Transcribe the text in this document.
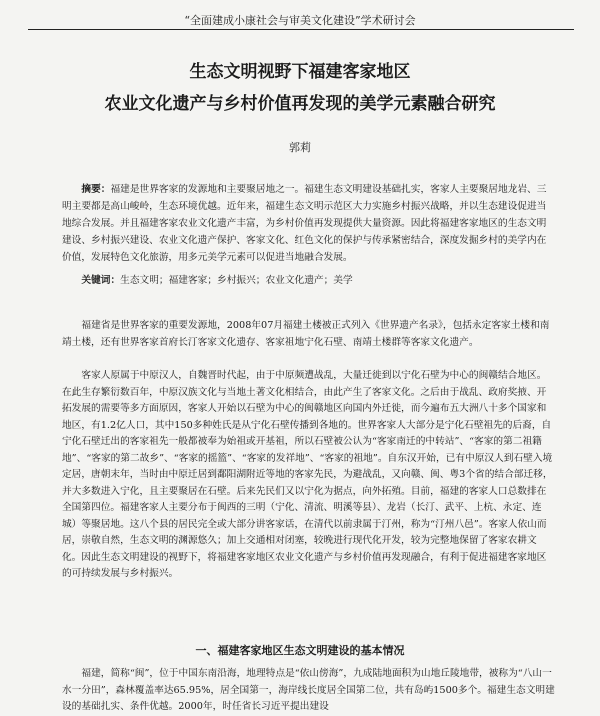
“全面建成小康社会与审美文化建设”学术研讨会
生态文明视野下福建客家地区
农业文化遗产与乡村价值再发现的美学元素融合研究
郭莉

摘要：福建是世界客家的发源地和主要聚居地之一。福建生态文明建设基础扎实，客家人主要聚居地龙岩、三明主要都是高山峻岭，生态环境优越。近年来，福建生态文明示范区大力实施乡村振兴战略，并以生态建设促进当地综合发展。并且福建客家农业文化遗产丰富，为乡村价值再发现提供大量资源。因此将福建客家地区的生态文明建设、乡村振兴建设、农业文化遗产保护、客家文化、红色文化的保护与传承紧密结合，深度发掘乡村的美学内在价值，发展特色文化旅游，用多元美学元素可以促进当地融合发展。

关键词：生态文明；福建客家；乡村振兴；农业文化遗产；美学

福建省是世界客家的重要发源地，2008年07月福建土楼被正式列入《世界遗产名录》，包括永定客家土楼和南靖土楼，还有世界客家首府长汀客家文化遗存、客家祖地宁化石壁、南靖土楼群等客家文化遗产。

客家人原属于中原汉人，自魏晋时代起，由于中原频遭战乱，大量迁徙到以宁化石壁为中心的闽赣结合地区。在此生存繁衍数百年，中原汉族文化与当地土著文化相结合，由此产生了客家文化。之后由于战乱、政府奖掖、开拓发展的需要等多方面原因，客家人开始以石壁为中心的闽赣地区向国内外迁徙，而今遍布五大洲八十多个国家和地区，有1.2亿人口，其中150多种姓氏是从宁化石壁传播到各地的。世界客家人大部分是宁化石壁祖先的后裔，自宁化石壁迁出的客家祖先一般都被奉为始祖或开基祖，所以石壁被公认为“客家南迁的中转站”、“客家的第二祖籍地”、“客家的第二故乡”、“客家的摇篮”、“客家的发祥地”、“客家的祖地”。自东汉开始，已有中原汉人到石壁入境定居，唐朝末年，当时由中原迁居到鄱阳湖附近等地的客家先民，为避战乱，又向赣、闽、粤3个省的结合部迁移，并大多数进入宁化，且主要聚居在石壁。后来先民们又以宁化为据点，向外拓殖。目前，福建的客家人口总数排在全国第四位。福建客家人主要分布于闽西的三明（宁化、清流、明溪等县）、龙岩（长汀、武平、上杭、永定、连城）等聚居地。这八个县的居民完全或大部分讲客家话，在清代以前隶属于汀州，称为“汀州八邑”。客家人依山而居，崇敬自然，生态文明的渊源悠久；加上交通相对闭塞，较晚进行现代化开发，较为完整地保留了客家农耕文化。因此生态文明建设的视野下，将福建客家地区农业文化遗产与乡村价值再发现融合，有利于促进福建客家地区的可持续发展与乡村振兴。

一、福建客家地区生态文明建设的基本情况

福建，简称“闽”，位于中国东南沿海，地理特点是“依山傍海”，九成陆地面积为山地丘陵地带，被称为“八山一水一分田”，森林覆盖率达65.95%，居全国第一，海岸线长度居全国第二位，共有岛屿1500多个。福建生态文明建设的基础扎实、条件优越。2000年，时任省长习近平提出建设
